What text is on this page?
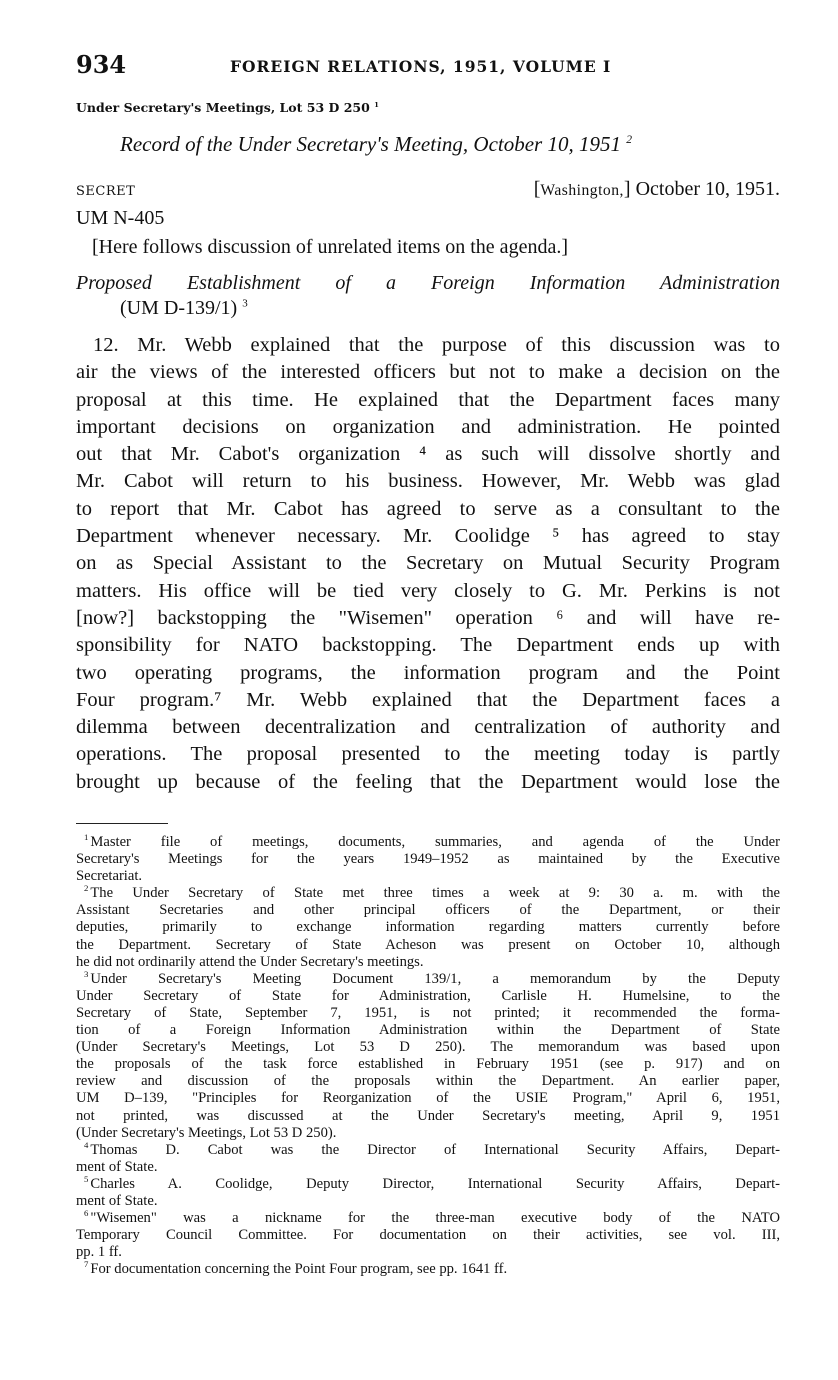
934	FOREIGN RELATIONS, 1951, VOLUME I
Under Secretary's Meetings, Lot 53 D 250 $^1$
Record of the Under Secretary's Meeting, October 10, 1951 $^2$
SECRET	[Washington,] October 10, 1951.
UM N-405
[Here follows discussion of unrelated items on the agenda.]
Proposed Establishment of a Foreign Information Administration
(UM D-139/1) $^3$
12. Mr. Webb explained that the purpose of this discussion was to
air the views of the interested officers but not to make a decision on the
proposal at this time. He explained that the Department faces many
important decisions on organization and administration. He pointed
out that Mr. Cabot's organization ⁴ as such will dissolve shortly and
Mr. Cabot will return to his business. However, Mr. Webb was glad
to report that Mr. Cabot has agreed to serve as a consultant to the
Department whenever necessary. Mr. Coolidge ⁵ has agreed to stay
on as Special Assistant to the Secretary on Mutual Security Program
matters. His office will be tied very closely to G. Mr. Perkins is not
[now?] backstopping the "Wisemen" operation ⁶ and will have re-
sponsibility for NATO backstopping. The Department ends up with
two operating programs, the information program and the Point
Four program.⁷ Mr. Webb explained that the Department faces a
dilemma between decentralization and centralization of authority and
operations. The proposal presented to the meeting today is partly
brought up because of the feeling that the Department would lose the
$^1$ Master file of meetings, documents, summaries, and agenda of the Under
Secretary's Meetings for the years 1949–1952 as maintained by the Executive
Secretariat.
$^2$ The Under Secretary of State met three times a week at 9: 30 a. m. with the
Assistant Secretaries and other principal officers of the Department, or their
deputies, primarily to exchange information regarding matters currently before
the Department. Secretary of State Acheson was present on October 10, although
he did not ordinarily attend the Under Secretary's meetings.
$^3$ Under Secretary's Meeting Document 139/1, a memorandum by the Deputy
Under Secretary of State for Administration, Carlisle H. Humelsine, to the
Secretary of State, September 7, 1951, is not printed; it recommended the forma-
tion of a Foreign Information Administration within the Department of State
(Under Secretary's Meetings, Lot 53 D 250). The memorandum was based upon
the proposals of the task force established in February 1951 (see p. 917) and on
review and discussion of the proposals within the Department. An earlier paper,
UM D–139, "Principles for Reorganization of the USIE Program," April 6, 1951,
not printed, was discussed at the Under Secretary's meeting, April 9, 1951
(Under Secretary's Meetings, Lot 53 D 250).
$^4$ Thomas D. Cabot was the Director of International Security Affairs, Depart-
ment of State.
$^5$ Charles A. Coolidge, Deputy Director, International Security Affairs, Depart-
ment of State.
$^6$ "Wisemen" was a nickname for the three-man executive body of the NATO
Temporary Council Committee. For documentation on their activities, see vol. III,
pp. 1 ff.
$^7$ For documentation concerning the Point Four program, see pp. 1641 ff.
